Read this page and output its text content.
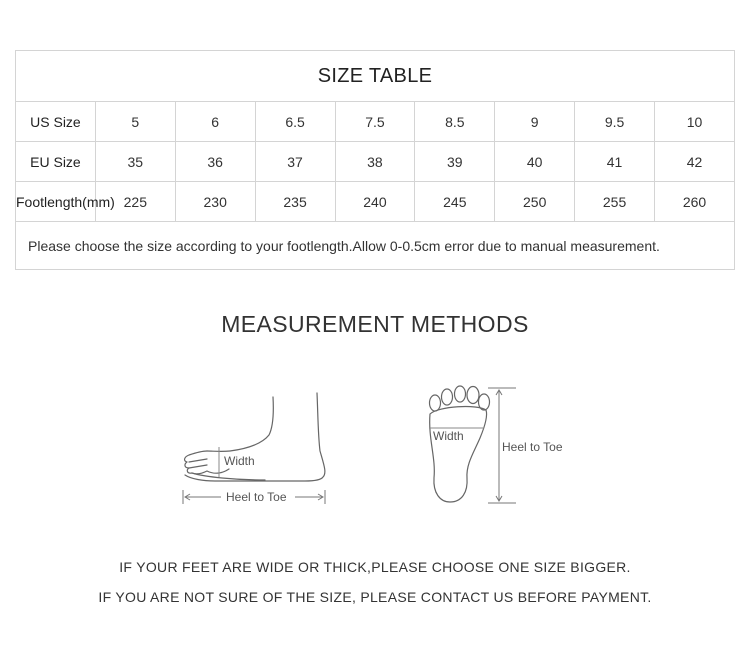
SIZE TABLE								
US Size	5	6	6.5	7.5	8.5	9	9.5	10
EU Size	35	36	37	38	39	40	41	42
Footlength(mm)	225	230	235	240	245	250	255	260
Please choose the size according to your footlength.Allow 0-0.5cm error due to manual measurement.								
MEASUREMENT METHODS
Width
Heel to Toe
Width
Heel to Toe
IF YOUR FEET ARE WIDE OR THICK,PLEASE CHOOSE ONE SIZE BIGGER.
IF YOU ARE NOT SURE OF THE SIZE, PLEASE CONTACT US BEFORE PAYMENT.
